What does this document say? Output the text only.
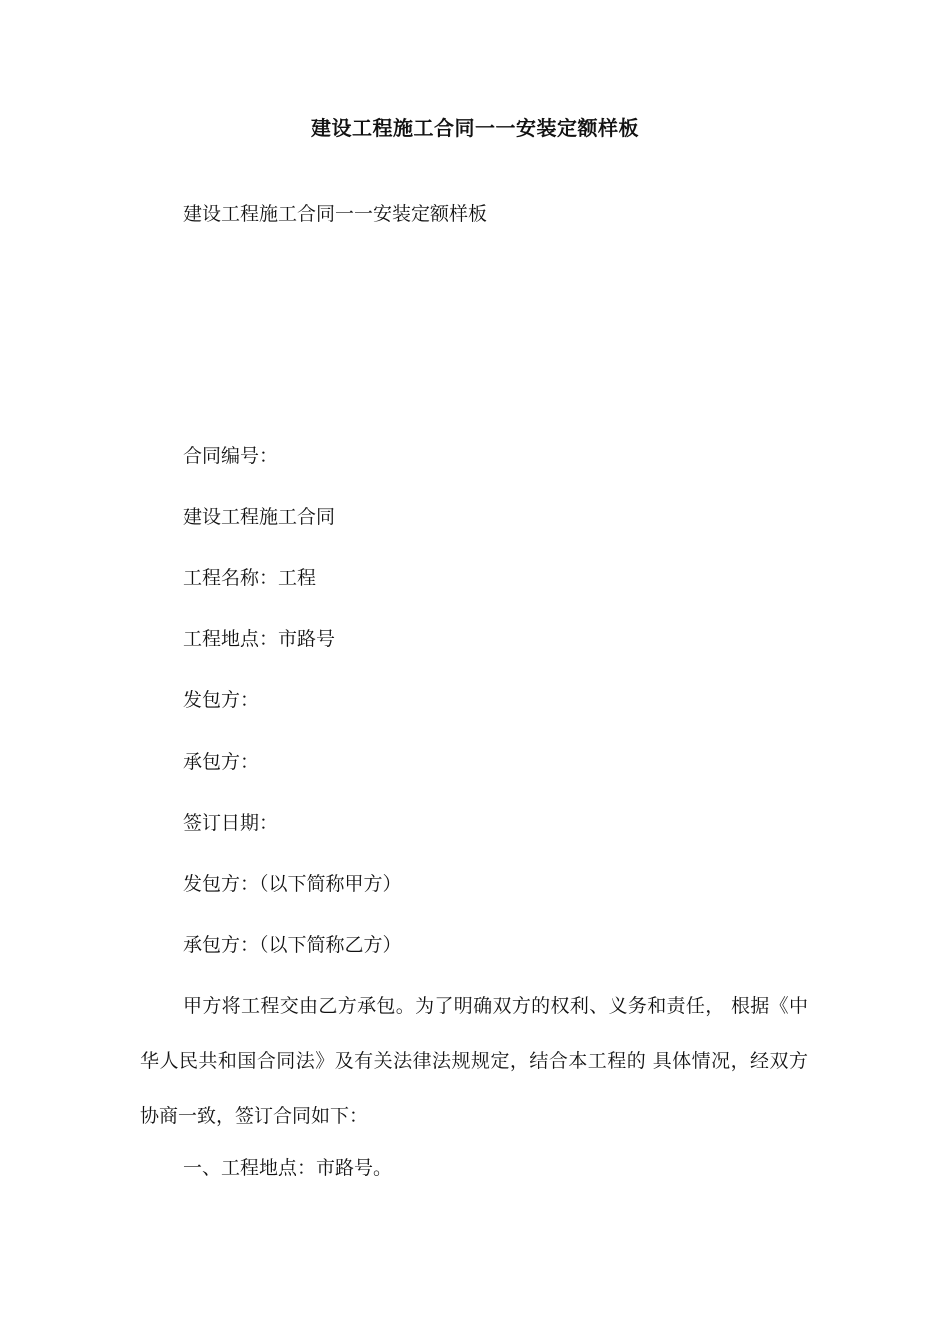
建设工程施工合同一一安装定额样板
建设工程施工合同一一安装定额样板
合同编号：
建设工程施工合同
工程名称：工程
工程地点：市路号
发包方：
承包方：
签订日期：
发包方：（以下简称甲方）
承包方：（以下简称乙方）
甲方将工程交由乙方承包。为了明确双方的权利、义务和责任， 根据《中华人民共和国合同法》及有关法律法规规定，结合本工程的 具体情况，经双方协商一致，签订合同如下：
一、工程地点：市路号。
